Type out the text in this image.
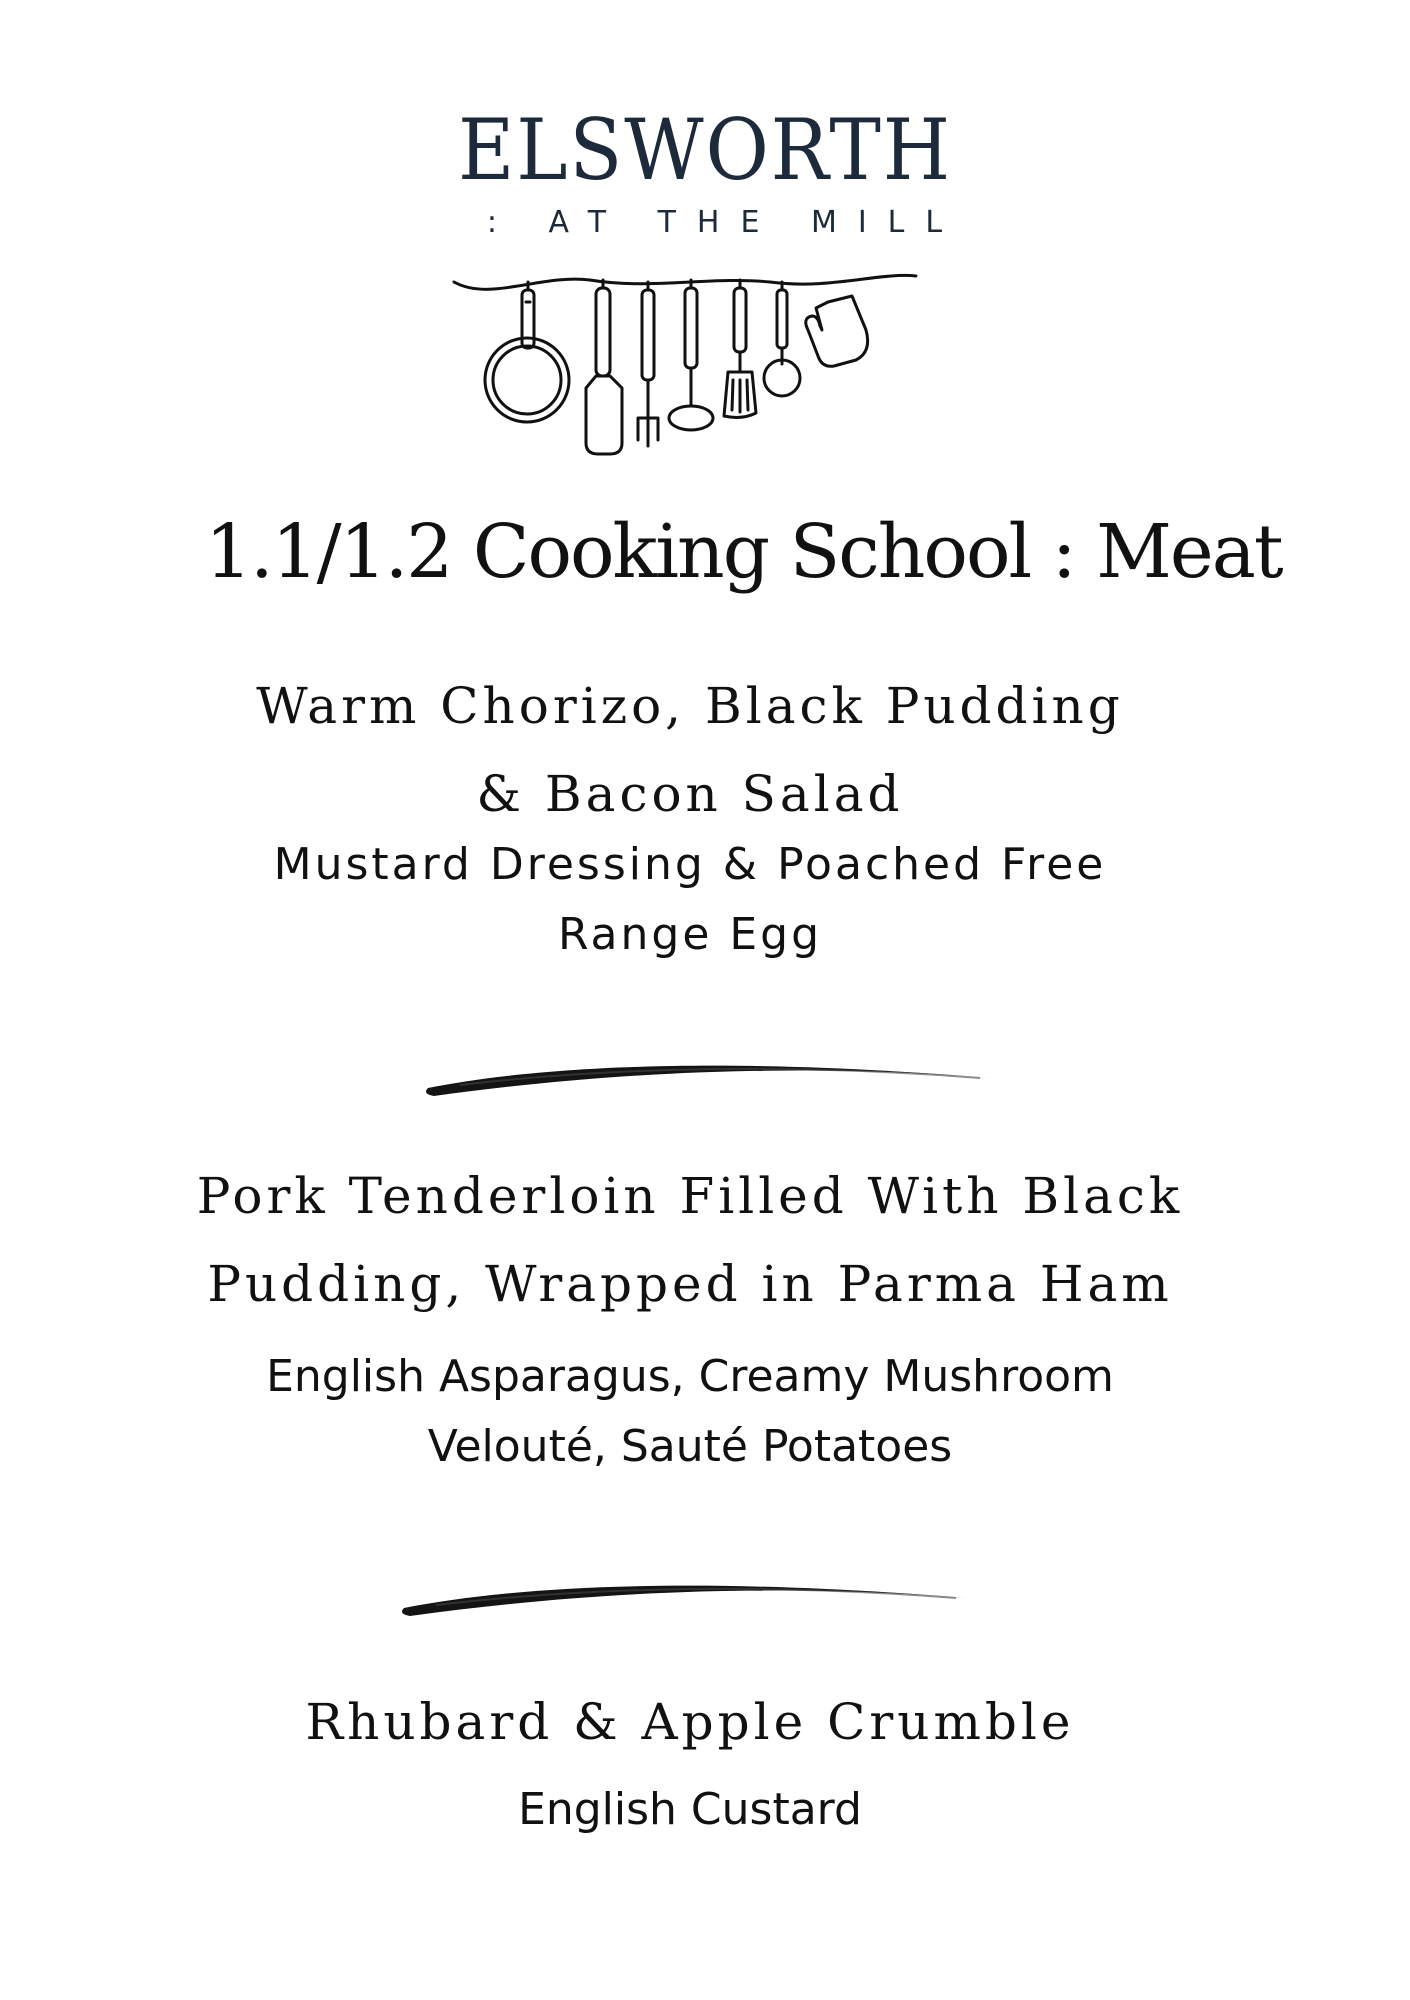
ELSWORTH
: AT THE MILL
1.1/1.2 Cooking School : Meat
Warm Chorizo, Black Pudding
& Bacon Salad
Mustard Dressing & Poached Free
Range Egg
Pork Tenderloin Filled With Black
Pudding, Wrapped in Parma Ham
English Asparagus, Creamy Mushroom
Velouté, Sauté Potatoes
Rhubard & Apple Crumble
English Custard
